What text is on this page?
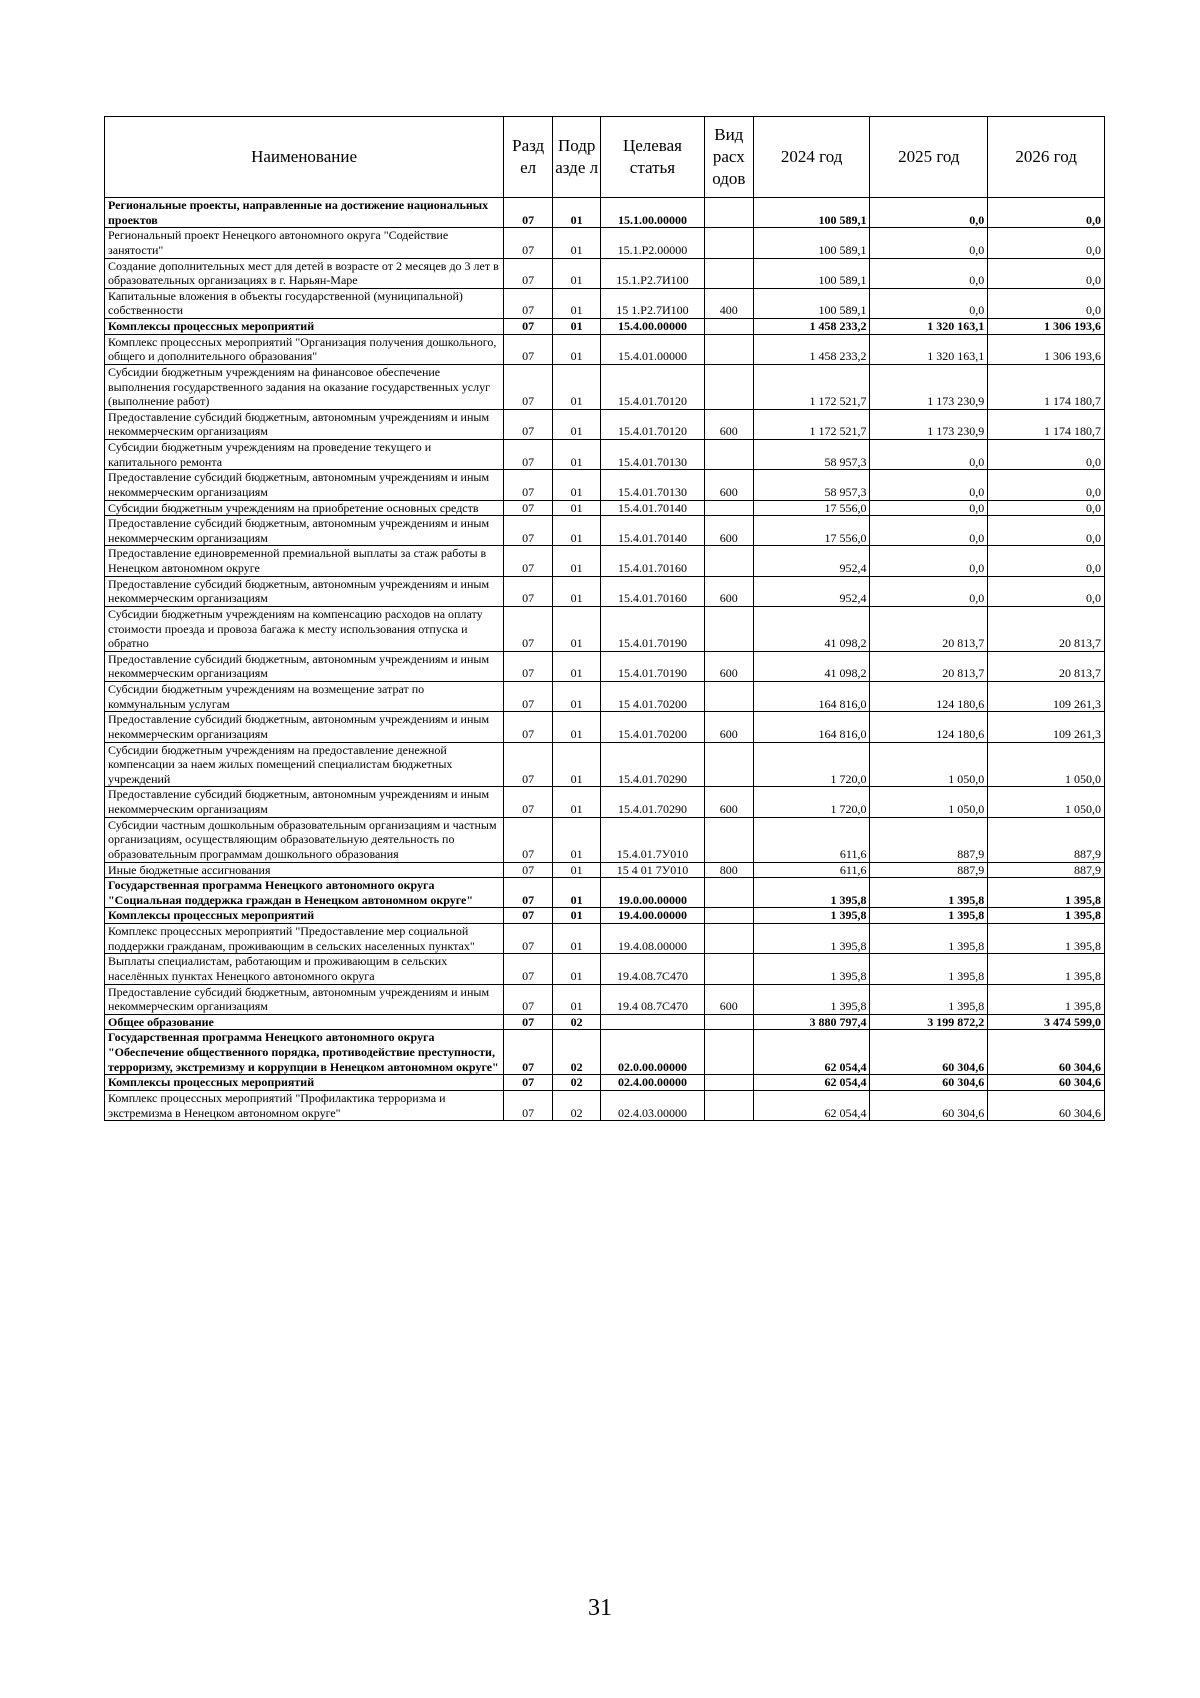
Наименование	Разд ел	Подр азде л	Целевая статья	Вид расх одов	2024 год	2025 год	2026 год
Региональные проекты, направленные на достижение национальных проектов	07	01	15.1.00.00000		100 589,1	0,0	0,0
Региональный проект Ненецкого автономного округа "Содействие занятости"	07	01	15.1.Р2.00000		100 589,1	0,0	0,0
Создание дополнительных мест для детей в возрасте от 2 месяцев до 3 лет в образовательных организациях в г. Нарьян-Маре	07	01	15.1.Р2.7И100		100 589,1	0,0	0,0
Капитальные вложения в объекты государственной (муниципальной) собственности	07	01	15 1.Р2.7И100	400	100 589,1	0,0	0,0
Комплексы процессных мероприятий	07	01	15.4.00.00000		1 458 233,2	1 320 163,1	1 306 193,6
Комплекс процессных мероприятий "Организация получения дошкольного, общего и дополнительного образования"	07	01	15.4.01.00000		1 458 233,2	1 320 163,1	1 306 193,6
Субсидии бюджетным учреждениям на финансовое обеспечение выполнения государственного задания на оказание государственных услуг (выполнение работ)	07	01	15.4.01.70120		1 172 521,7	1 173 230,9	1 174 180,7
Предоставление субсидий бюджетным, автономным учреждениям и иным некоммерческим организациям	07	01	15.4.01.70120	600	1 172 521,7	1 173 230,9	1 174 180,7
Субсидии бюджетным учреждениям на проведение текущего и капитального ремонта	07	01	15.4.01.70130		58 957,3	0,0	0,0
Предоставление субсидий бюджетным, автономным учреждениям и иным некоммерческим организациям	07	01	15.4.01.70130	600	58 957,3	0,0	0,0
Субсидии бюджетным учреждениям на приобретение основных средств	07	01	15.4.01.70140		17 556,0	0,0	0,0
Предоставление субсидий бюджетным, автономным учреждениям и иным некоммерческим организациям	07	01	15.4.01.70140	600	17 556,0	0,0	0,0
Предоставление единовременной премиальной выплаты за стаж работы в Ненецком автономном округе	07	01	15.4.01.70160		952,4	0,0	0,0
Предоставление субсидий бюджетным, автономным учреждениям и иным некоммерческим организациям	07	01	15.4.01.70160	600	952,4	0,0	0,0
Субсидии бюджетным учреждениям на компенсацию расходов на оплату стоимости проезда и провоза багажа к месту использования отпуска и обратно	07	01	15.4.01.70190		41 098,2	20 813,7	20 813,7
Предоставление субсидий бюджетным, автономным учреждениям и иным некоммерческим организациям	07	01	15.4.01.70190	600	41 098,2	20 813,7	20 813,7
Субсидии бюджетным учреждениям на возмещение затрат по коммунальным услугам	07	01	15 4.01.70200		164 816,0	124 180,6	109 261,3
Предоставление субсидий бюджетным, автономным учреждениям и иным некоммерческим организациям	07	01	15.4.01.70200	600	164 816,0	124 180,6	109 261,3
Субсидии бюджетным учреждениям на предоставление денежной компенсации за наем жилых помещений специалистам бюджетных учреждений	07	01	15.4.01.70290		1 720,0	1 050,0	1 050,0
Предоставление субсидий бюджетным, автономным учреждениям и иным некоммерческим организациям	07	01	15.4.01.70290	600	1 720,0	1 050,0	1 050,0
Субсидии частным дошкольным образовательным организациям и частным организациям, осуществляющим образовательную деятельность по образовательным программам дошкольного образования	07	01	15.4.01.7У010		611,6	887,9	887,9
Иные бюджетные ассигнования	07	01	15 4 01 7У010	800	611,6	887,9	887,9
Государственная программа Ненецкого автономного округа "Социальная поддержка граждан в Ненецком автономном округе"	07	01	19.0.00.00000		1 395,8	1 395,8	1 395,8
Комплексы процессных мероприятий	07	01	19.4.00.00000		1 395,8	1 395,8	1 395,8
Комплекс процессных мероприятий "Предоставление мер социальной поддержки гражданам, проживающим в сельских населенных пунктах"	07	01	19.4.08.00000		1 395,8	1 395,8	1 395,8
Выплаты специалистам, работающим и проживающим в сельских населённых пунктах Ненецкого автономного округа	07	01	19.4.08.7С470		1 395,8	1 395,8	1 395,8
Предоставление субсидий бюджетным, автономным учреждениям и иным некоммерческим организациям	07	01	19.4 08.7С470	600	1 395,8	1 395,8	1 395,8
Общее образование	07	02			3 880 797,4	3 199 872,2	3 474 599,0
Государственная программа Ненецкого автономного округа "Обеспечение общественного порядка, противодействие преступности, терроризму, экстремизму и коррупции в Ненецком автономном округе"	07	02	02.0.00.00000		62 054,4	60 304,6	60 304,6
Комплексы процессных мероприятий	07	02	02.4.00.00000		62 054,4	60 304,6	60 304,6
Комплекс процессных мероприятий "Профилактика терроризма и экстремизма в Ненецком автономном округе"	07	02	02.4.03.00000		62 054,4	60 304,6	60 304,6
31
